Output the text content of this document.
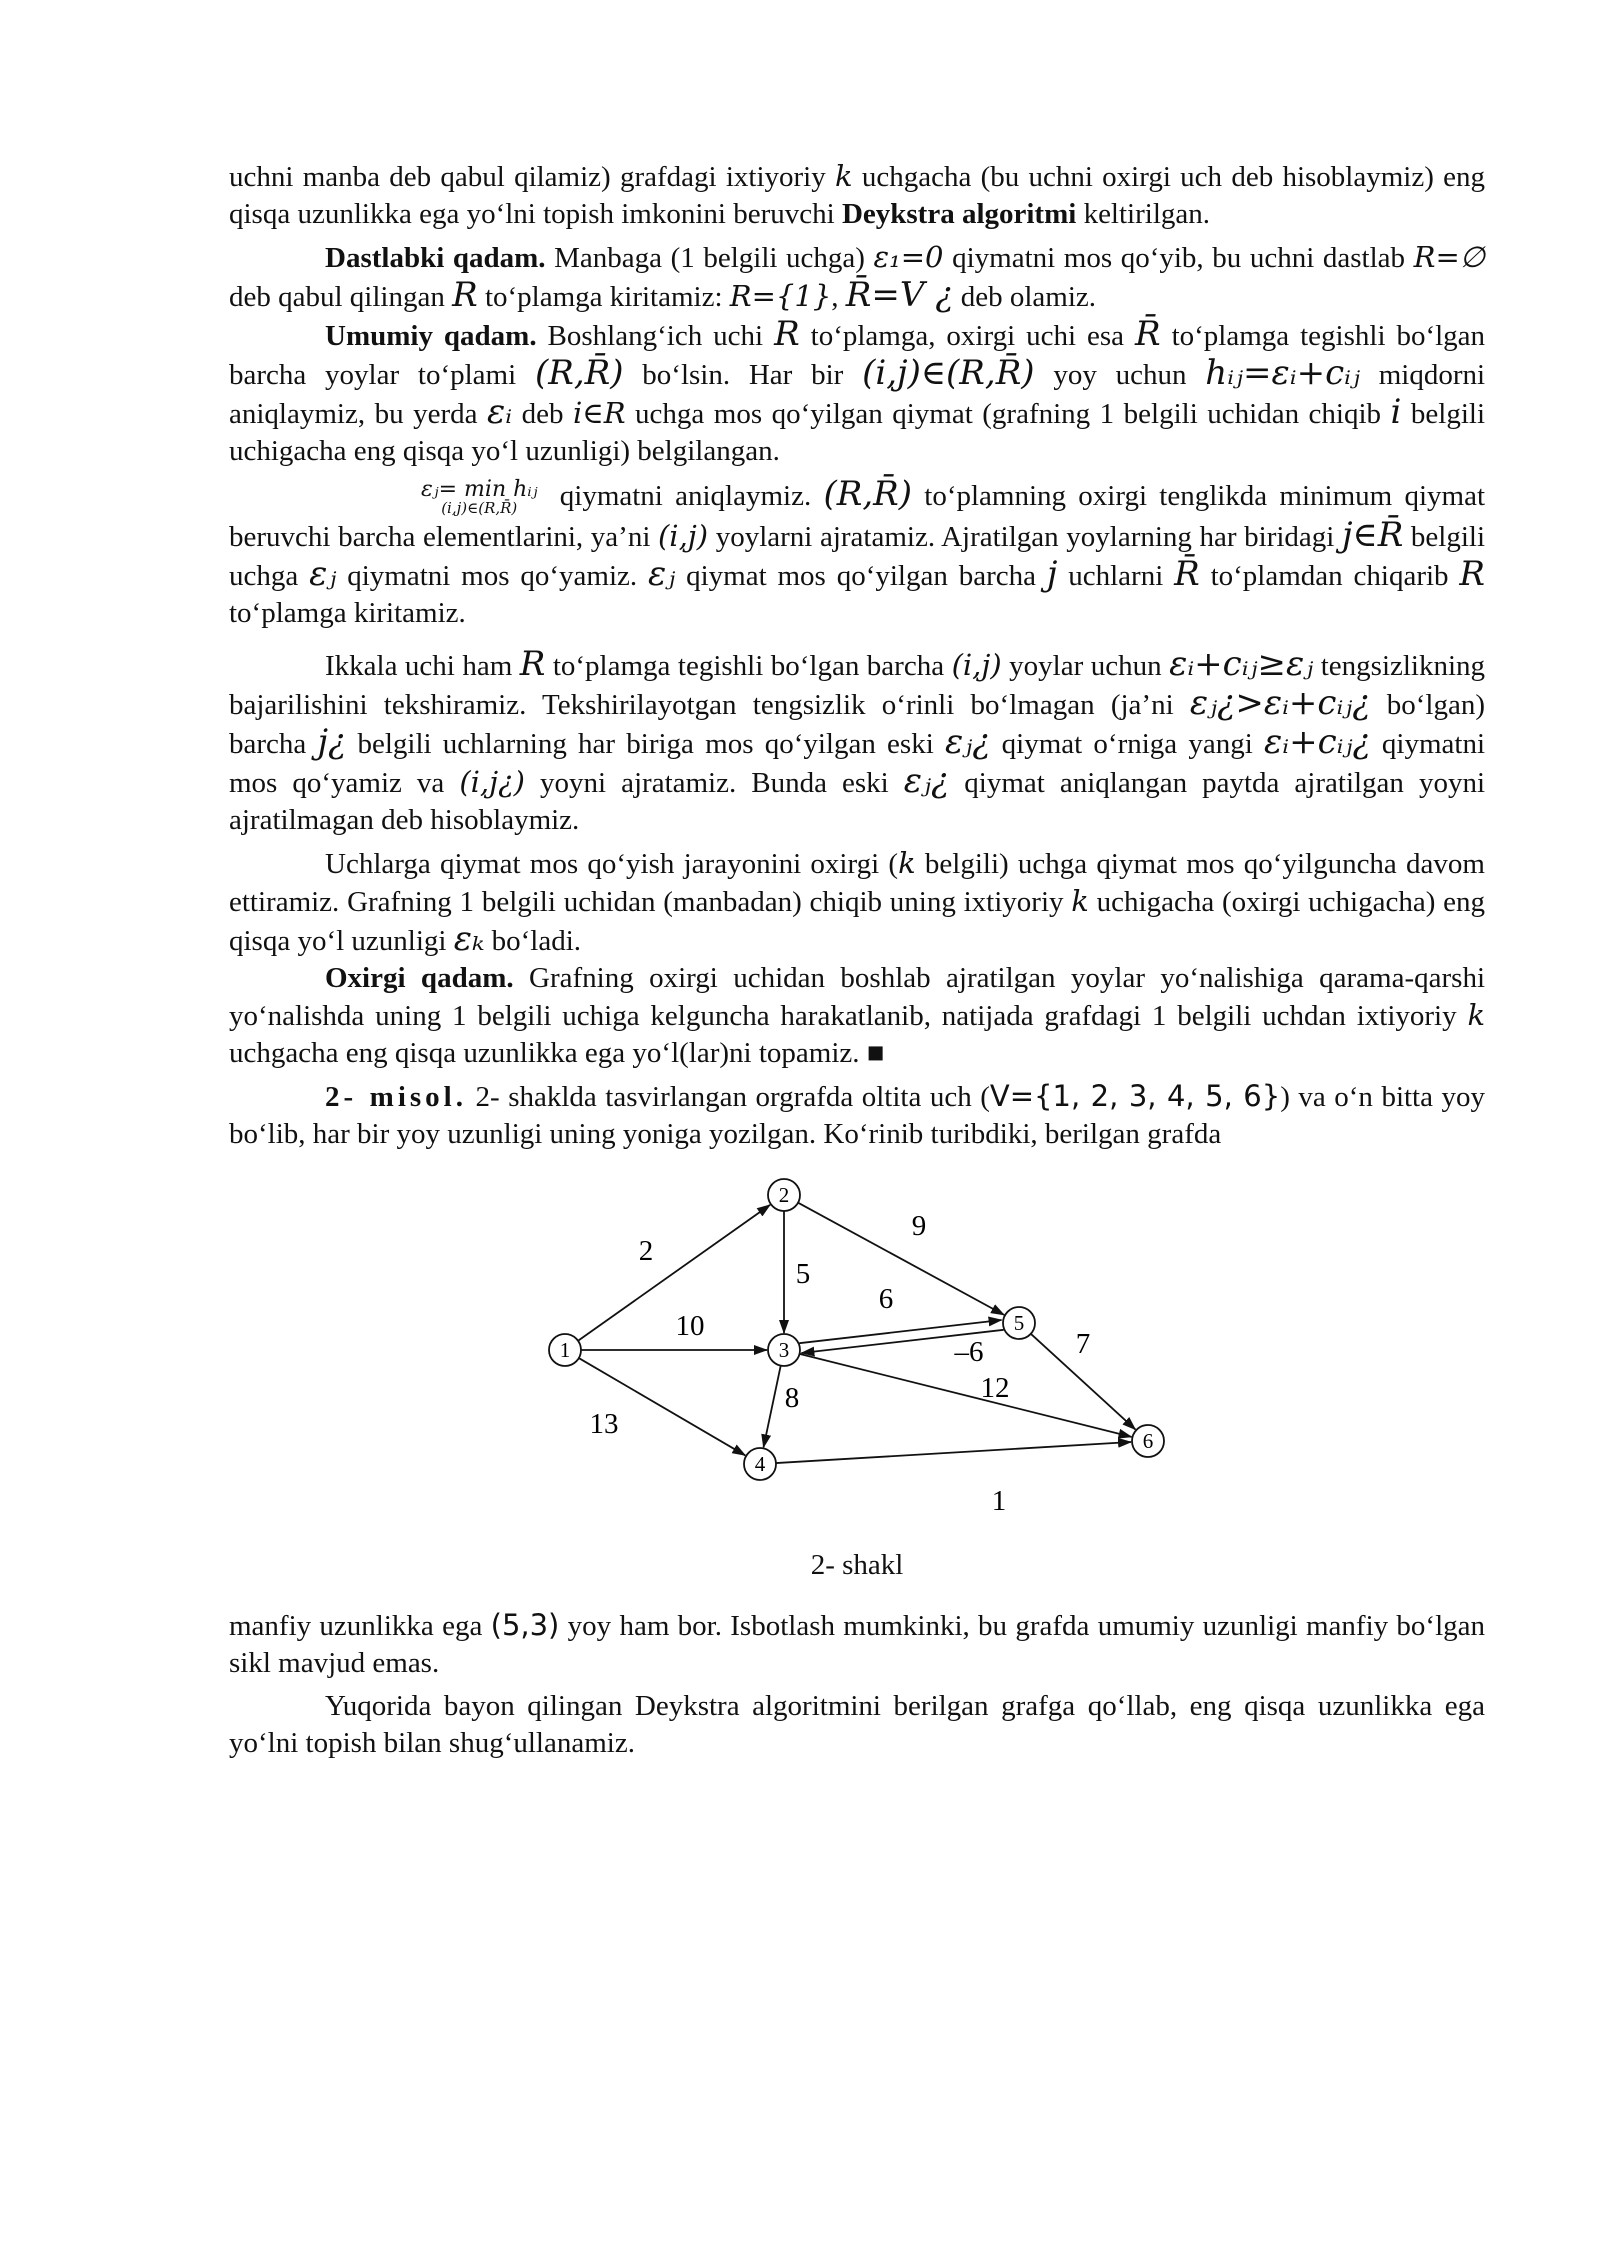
uchni manba deb qabul qilamiz) grafdagi ixtiyoriy k uchgacha (bu uchni oxirgi uch deb hisoblaymiz) eng qisqa uzunlikka ega yo‘lni topish imkonini beruvchi Deykstra algoritmi keltirilgan.

Dastlabki qadam. Manbaga (1 belgili uchga) ε₁=0 qiymatni mos qo‘yib, bu uchni dastlab R=∅ deb qabul qilingan R to‘plamga kiritamiz: R={1}, R̄=V ¿ deb olamiz.

Umumiy qadam. Boshlang‘ich uchi R to‘plamga, oxirgi uchi esa R̄ to‘plamga tegishli bo‘lgan barcha yoylar to‘plami (R,R̄) bo‘lsin. Har bir (i,j)∈(R,R̄) yoy uchun hᵢⱼ=εᵢ+cᵢⱼ miqdorni aniqlaymiz, bu yerda εᵢ deb i∈R uchga mos qo‘yilgan qiymat (grafning 1 belgili uchidan chiqib i belgili uchigacha eng qisqa yo‘l uzunligi) belgilangan.

εⱼ= min hᵢⱼ
(i,j)∈(R,R̄)	qiymatni aniqlaymiz. (R,R̄) to‘plamning oxirgi tenglikda minimum qiymat beruvchi barcha elementlarini, ya’ni (i,j) yoylarni ajratamiz. Ajratilgan yoylarning har biridagi j∈R̄ belgili uchga εⱼ qiymatni mos qo‘yamiz. εⱼ qiymat mos qo‘yilgan barcha j uchlarni R̄ to‘plamdan chiqarib R to‘plamga kiritamiz.

Ikkala uchi ham R to‘plamga tegishli bo‘lgan barcha (i,j) yoylar uchun εᵢ+cᵢⱼ≥εⱼ tengsizlikning bajarilishini tekshiramiz. Tekshirilayotgan tengsizlik o‘rinli bo‘lmagan (ja’ni εⱼ¿>εᵢ+cᵢⱼ¿ bo‘lgan) barcha j¿ belgili uchlarning har biriga mos qo‘yilgan eski εⱼ¿ qiymat o‘rniga yangi εᵢ+cᵢⱼ¿ qiymatni mos qo‘yamiz va (i,j¿) yoyni ajratamiz. Bunda eski εⱼ¿ qiymat aniqlangan paytda ajratilgan yoyni ajratilmagan deb hisoblaymiz.

Uchlarga qiymat mos qo‘yish jarayonini oxirgi (k belgili) uchga qiymat mos qo‘yilguncha davom ettiramiz. Grafning 1 belgili uchidan (manbadan) chiqib uning ixtiyoriy k uchigacha (oxirgi uchigacha) eng qisqa yo‘l uzunligi εₖ bo‘ladi.

Oxirgi qadam. Grafning oxirgi uchidan boshlab ajratilgan yoylar yo‘nalishiga qarama-qarshi yo‘nalishda uning 1 belgili uchiga kelguncha harakatlanib, natijada grafdagi 1 belgili uchdan ixtiyoriy k uchgacha eng qisqa uzunlikka ega yo‘l(lar)ni topamiz. ■

2- misol. 2- shaklda tasvirlangan orgrafda oltita uch (V={1, 2, 3, 4, 5, 6}) va o‘n bitta yoy bo‘lib, har bir yoy uzunligi uning yoniga yozilgan. Ko‘rinib turibdiki, berilgan grafda

2
10
13
5
9
6
–6
8	12
7
1
1
2
3
4
5
6
2- shakl

manfiy uzunlikka ega (5,3) yoy ham bor. Isbotlash mumkinki, bu grafda umumiy uzunligi manfiy bo‘lgan sikl mavjud emas.

Yuqorida bayon qilingan Deykstra algoritmini berilgan grafga qo‘llab, eng qisqa uzunlikka ega yo‘lni topish bilan shug‘ullanamiz.
